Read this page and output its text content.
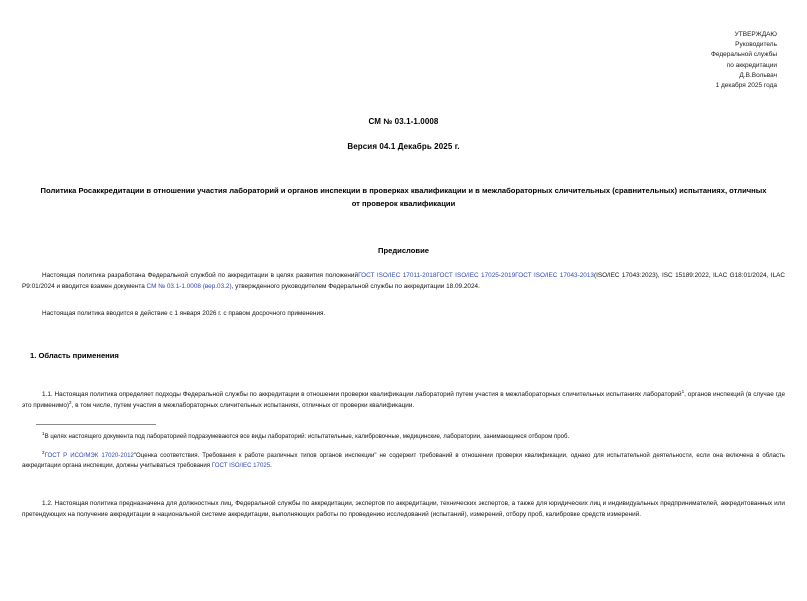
УТВЕРЖДАЮ
Руководитель
Федеральной службы
по аккредитации
Д.В.Вольвач
1 декабря 2025 года
СМ № 03.1-1.0008
Версия 04.1 Декабрь 2025 г.
Политика Росаккредитации в отношении участия лабораторий и органов инспекции в проверках квалификации и в межлабораторных сличительных (сравнительных) испытаниях, отличных от проверок квалификации
Предисловие
Настоящая политика разработана Федеральной службой по аккредитации в целях развития положенийГОСТ ISO/IEC 17011-2018ГОСТ ISO/IEC 17025-2019ГОСТ ISO/IEC 17043-2013(ISO/IEC 17043:2023), ISC 15189:2022, ILAC G18:01/2024, ILAC P9:01/2024 и вводится взамен документа СМ № 03.1-1.0008 (вер.03.2), утвержденного руководителем Федеральной службы по аккредитации 18.09.2024.
Настоящая политика вводится в действие с 1 января 2026 г. с правом досрочного применения.
1. Область применения
1.1. Настоящая политика определяет подходы Федеральной службы по аккредитации в отношении проверки квалификации лабораторий путем участия в межлабораторных сличительных испытаниях лабораторий$^1$, органов инспекций (в случае где это применимо)$^2$, в том числе, путем участия в межлабораторных сличительных испытаниях, отличных от проверки квалификации.
$^1$В целях настоящего документа под лабораторией подразумеваются все виды лабораторий: испытательные, калибровочные, медицинские, лаборатории, занимающиеся отбором проб.
$^2$ГОСТ Р ИСО/МЭК 17020-2012"Оценка соответствия. Требования к работе различных типов органов инспекции" не содержит требований в отношении проверки квалификации, однако для испытательной деятельности, если она включена в область аккредитации органа инспекции, должны учитываться требования ГОСТ ISO/IEC 17025.
1.2. Настоящая политика предназначена для должностных лиц, Федеральной службы по аккредитации, экспертов по аккредитации, технических экспертов, а также для юридических лиц и индивидуальных предпринимателей, аккредитованных или претендующих на получение аккредитации в национальной системе аккредитации, выполняющих работы по проведению исследований (испытаний), измерений, отбору проб, калибровке средств измерений.
